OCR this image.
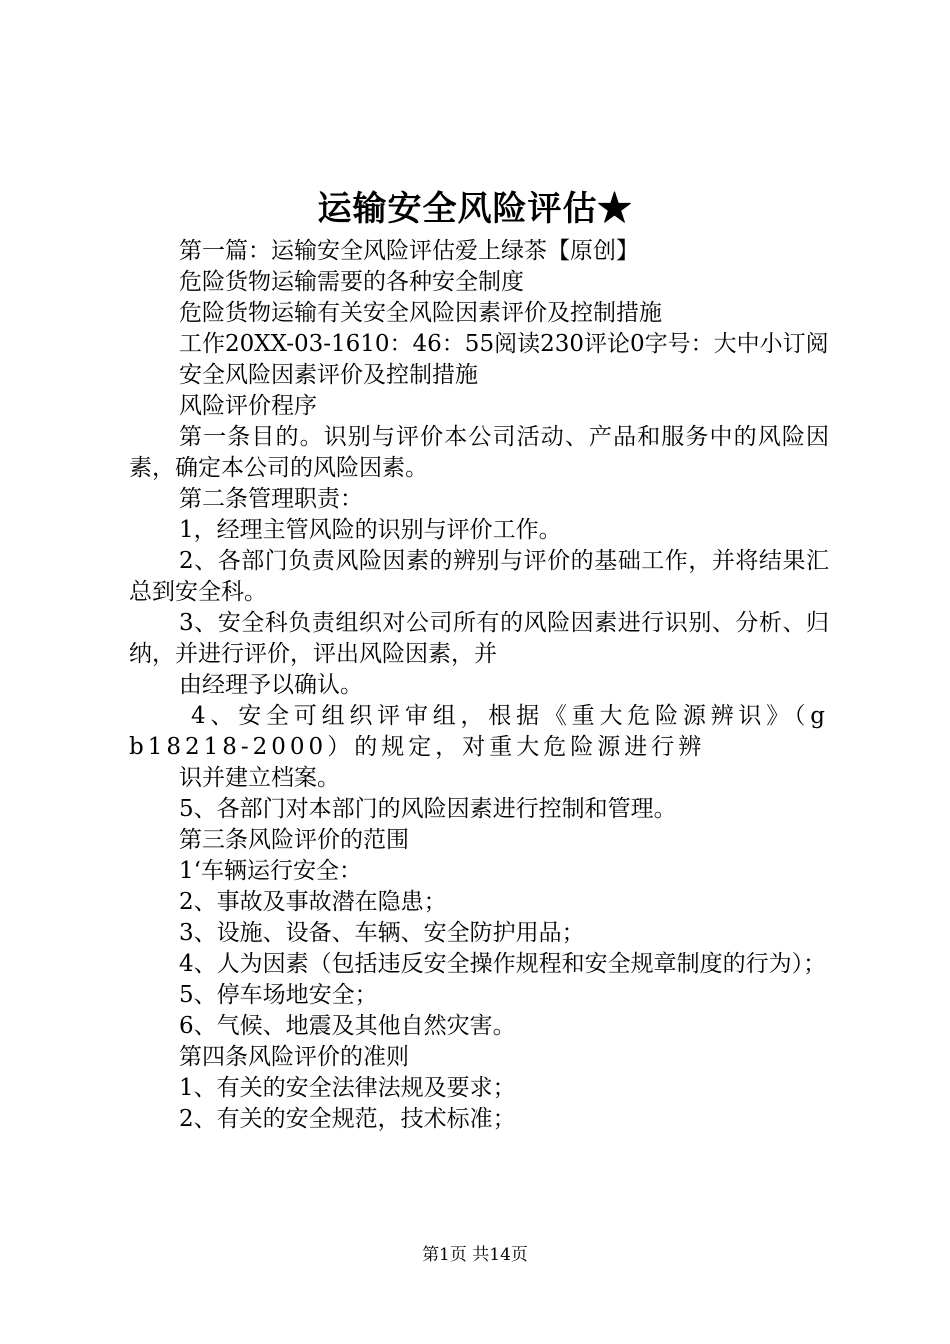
运输安全风险评估★

第一篇：运输安全风险评估爱上绿茶【原创】

危险货物运输需要的各种安全制度

危险货物运输有关安全风险因素评价及控制措施

工作20XX-03-1610：46：55阅读230评论0字号：大中小订阅

安全风险因素评价及控制措施

风险评价程序

第一条目的。识别与评价本公司活动、产品和服务中的风险因素，确定本公司的风险因素。

第二条管理职责：

1，经理主管风险的识别与评价工作。

2、各部门负责风险因素的辨别与评价的基础工作，并将结果汇总到安全科。

3、安全科负责组织对公司所有的风险因素进行识别、分析、归纳，并进行评价，评出风险因素，并

由经理予以确认。

4、安全可组织评审组，根据《重大危险源辨识》（gb18218-2000）的规定，对重大危险源进行辨

识并建立档案。

5、各部门对本部门的风险因素进行控制和管理。

第三条风险评价的范围

1‘车辆运行安全：

2、事故及事故潜在隐患；

3、设施、设备、车辆、安全防护用品；

4、人为因素（包括违反安全操作规程和安全规章制度的行为）；

5、停车场地安全；

6、气候、地震及其他自然灾害。

第四条风险评价的准则

1、有关的安全法律法规及要求；

2、有关的安全规范，技术标准；

第1页 共14页
